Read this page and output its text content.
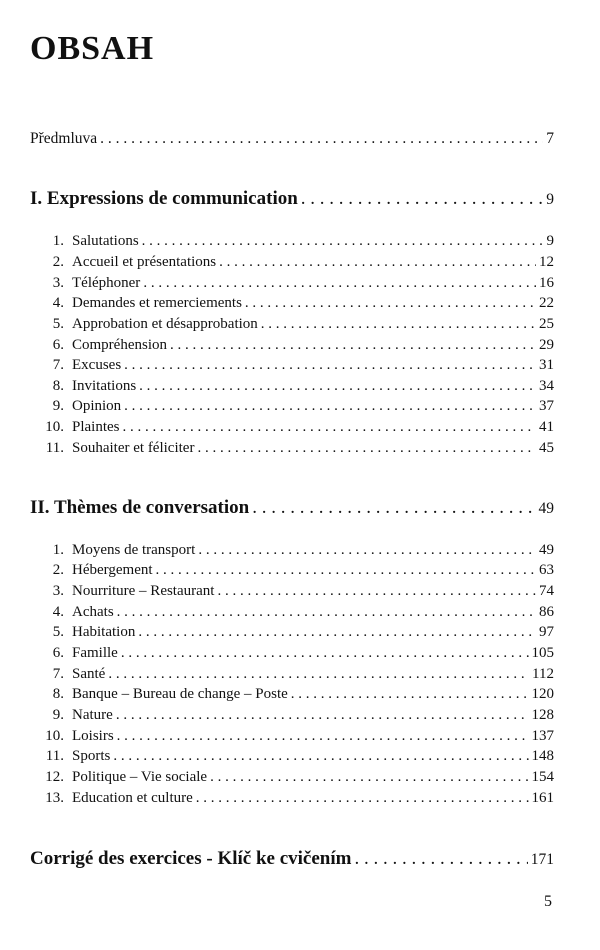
OBSAH
Předmluva . . .	7
I. Expressions de communication . . .	9
1. Salutations . . .	9
2. Accueil et présentations . . .	12
3. Téléphoner . . .	16
4. Demandes et remerciements . . .	22
5. Approbation et désapprobation . . .	25
6. Compréhension . . .	29
7. Excuses . . .	31
8. Invitations . . .	34
9. Opinion . . .	37
10. Plaintes . . .	41
11. Souhaiter et féliciter . . .	45
II. Thèmes de conversation . . .	49
1. Moyens de transport . . .	49
2. Hébergement . . .	63
3. Nourriture – Restaurant . . .	74
4. Achats . . .	86
5. Habitation . . .	97
6. Famille . . .	105
7. Santé . . .	112
8. Banque – Bureau de change – Poste . . .	120
9. Nature . . .	128
10. Loisirs . . .	137
11. Sports . . .	148
12. Politique – Vie sociale . . .	154
13. Education et culture . . .	161
Corrigé des exercices - Klíč ke cvičením . . .	171
5
